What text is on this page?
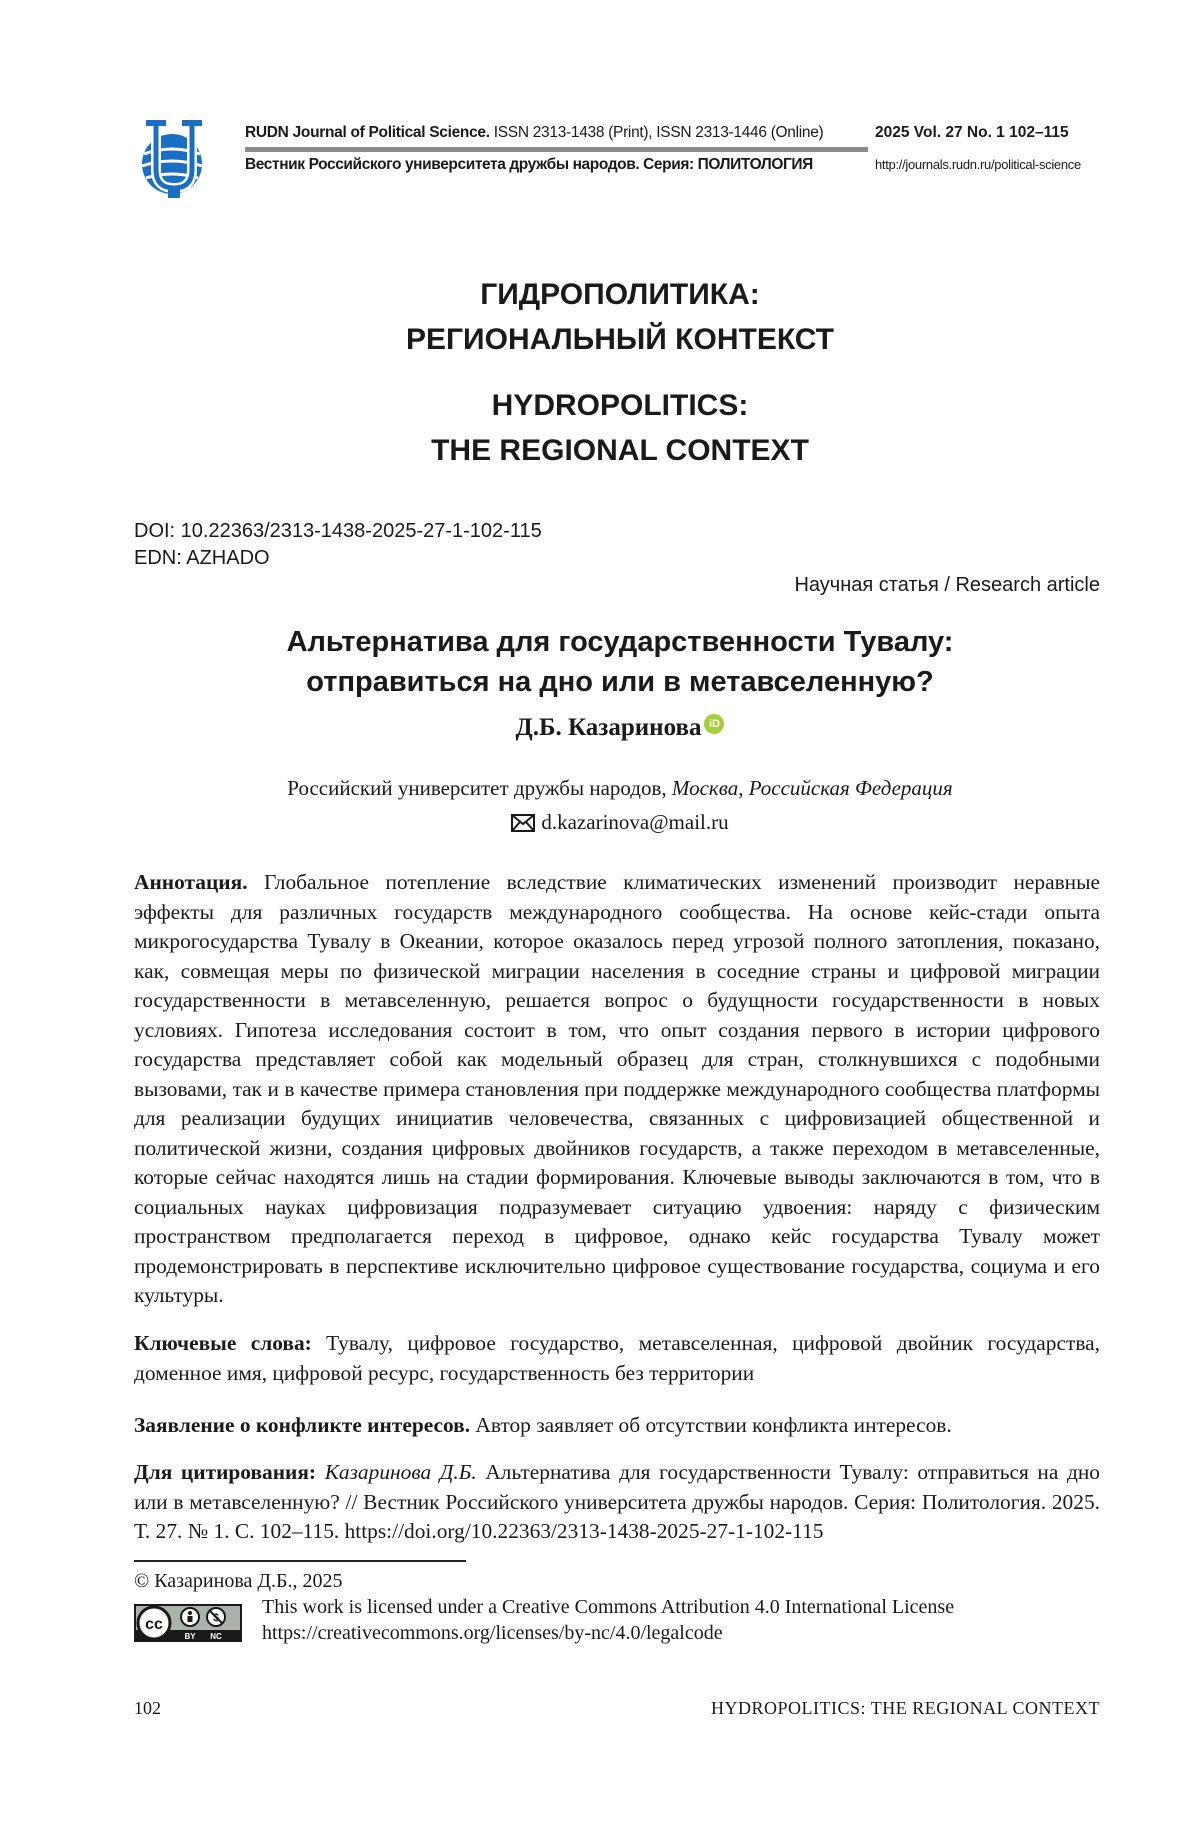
RUDN Journal of Political Science. ISSN 2313-1438 (Print), ISSN 2313-1446 (Online)
Вестник Российского университета дружбы народов. Серия: ПОЛИТОЛОГИЯ
2025 Vol. 27 No. 1 102–115
http://journals.rudn.ru/political-science
ГИДРОПОЛИТИКА:
РЕГИОНАЛЬНЫЙ КОНТЕКСТ
HYDROPOLITICS:
THE REGIONAL CONTEXT
DOI: 10.22363/2313-1438-2025-27-1-102-115
EDN: AZHADO
Научная статья / Research article
Альтернатива для государственности Тувалу:
отправиться на дно или в метавселенную?
Д.Б. Казаринова iD
Российский университет дружбы народов, Москва, Российская Федерация
d.kazarinova@mail.ru
Аннотация. Глобальное потепление вследствие климатических изменений производит неравные эффекты для различных государств международного сообщества. На основе кейс-стади опыта микрогосударства Тувалу в Океании, которое оказалось перед угрозой полного затопления, показано, как, совмещая меры по физической миграции населения в соседние страны и цифровой миграции государственности в метавселенную, решается вопрос о будущности государственности в новых условиях. Гипотеза исследования состоит в том, что опыт создания первого в истории цифрового государства представляет собой как модельный образец для стран, столкнувшихся с подобными вызовами, так и в качестве примера становления при поддержке международного сообщества платформы для реализации будущих инициатив человечества, связанных с цифровизацией общественной и политической жизни, создания цифровых двойников государств, а также переходом в метавселенные, которые сейчас находятся лишь на стадии формирования. Ключевые выводы заключаются в том, что в социальных науках цифровизация подразумевает ситуацию удвоения: наряду с физическим пространством предполагается переход в цифровое, однако кейс государства Тувалу может продемонстрировать в перспективе исключительно цифровое существование государства, социума и его культуры.
Ключевые слова: Тувалу, цифровое государство, метавселенная, цифровой двойник государства, доменное имя, цифровой ресурс, государственность без территории
Заявление о конфликте интересов. Автор заявляет об отсутствии конфликта интересов.
Для цитирования: Казаринова Д.Б. Альтернатива для государственности Тувалу: отправиться на дно или в метавселенную? // Вестник Российского университета дружбы народов. Серия: Политология. 2025. Т. 27. № 1. С. 102–115. https://doi.org/10.22363/2313-1438-2025-27-1-102-115
© Казаринова Д.Б., 2025
cc
BY NC
This work is licensed under a Creative Commons Attribution 4.0 International License
https://creativecommons.org/licenses/by-nc/4.0/legalcode
102	HYDROPOLITICS: THE REGIONAL CONTEXT
